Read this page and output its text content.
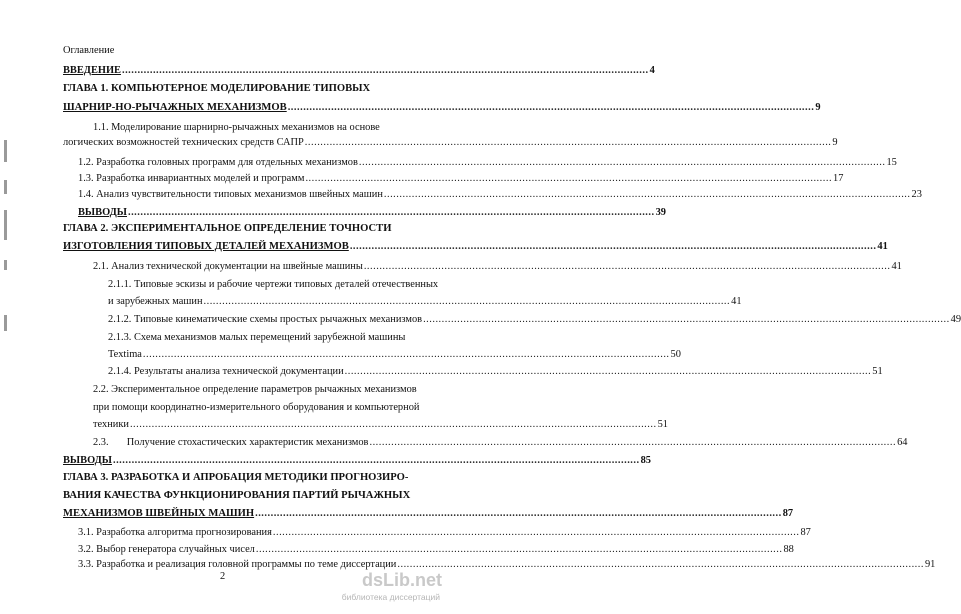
Оглавление
ВВЕДЕНИЕ .....	4
ГЛАВА 1. КОМПЬЮТЕРНОЕ МОДЕЛИРОВАНИЕ ТИПОВЫХ
ШАРНИР-НО-РЫЧАЖНЫХ МЕХАНИЗМОВ .....	9
1.1. Моделирование шарнирно-рычажных механизмов на основе
логических возможностей технических средств САПР .....	9
1.2. Разработка головных программ для отдельных механизмов .....	15
1.3. Разработка инвариантных моделей и программ .....	17
1.4. Анализ чувствительности типовых механизмов швейных машин .....	23
ВЫВОДЫ .....	39
ГЛАВА 2. ЭКСПЕРИМЕНТАЛЬНОЕ ОПРЕДЕЛЕНИЕ ТОЧНОСТИ
ИЗГОТОВЛЕНИЯ ТИПОВЫХ ДЕТАЛЕЙ МЕХАНИЗМОВ .....	41
2.1. Анализ технической документации на швейные машины .....	41
2.1.1. Типовые эскизы и рабочие чертежи типовых деталей отечественных
и зарубежных машин .....	41
2.1.2. Типовые кинематические схемы простых рычажных механизмов .....	49
2.1.3. Схема механизмов малых перемещений зарубежной машины
Textima .....	50
2.1.4. Результаты анализа технической документации .....	51
2.2. Экспериментальное определение параметров рычажных механизмов
при помощи координатно-измерительного оборудования и компьютерной
техники .....	51
2.3.       Получение стохастических характеристик механизмов .....	64
ВЫВОДЫ .....	85
ГЛАВА 3. РАЗРАБОТКА И АПРОБАЦИЯ МЕТОДИКИ ПРОГНОЗИРО-
ВАНИЯ КАЧЕСТВА ФУНКЦИОНИРОВАНИЯ ПАРТИЙ РЫЧАЖНЫХ
МЕХАНИЗМОВ ШВЕЙНЫХ МАШИН .....	87
3.1. Разработка алгоритма прогнозирования .....	87
3.2. Выбор генератора случайных чисел .....	88
3.3. Разработка и реализация головной программы по теме диссертации .....	91
2	dsLib.net
библиотека диссертаций
